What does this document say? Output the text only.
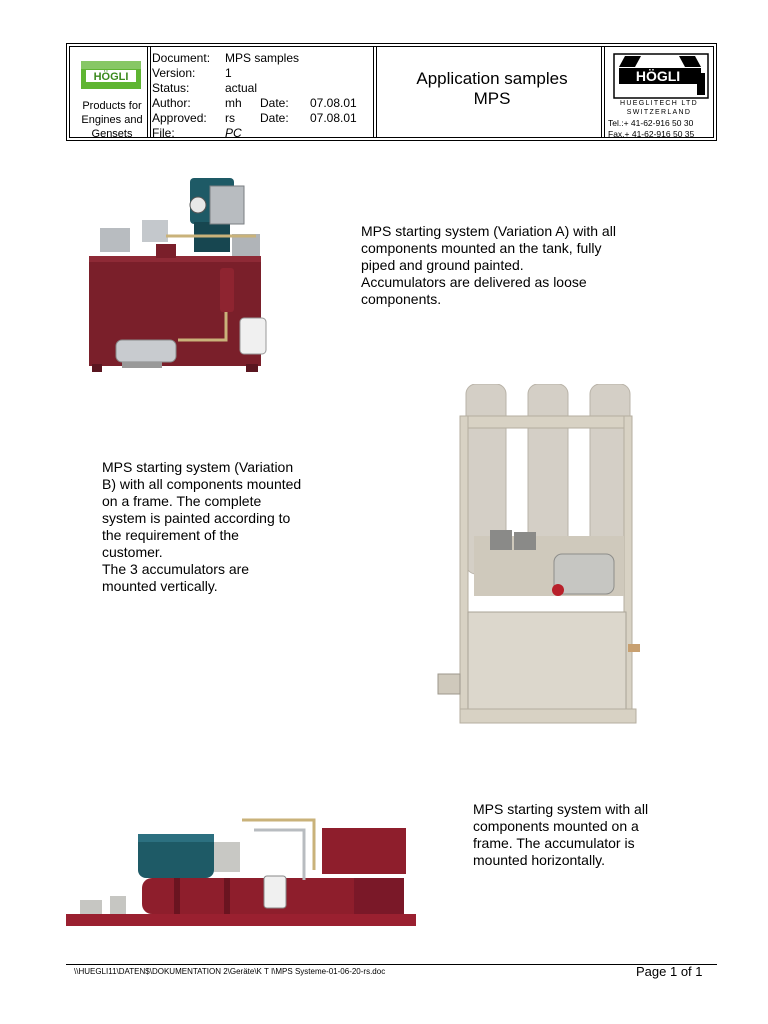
HÖGLI
Products for
Engines and
Gensets
Document: MPS samples
Version: 1
Status:	actual
Author:	mh Date: 07.08.01
Approved: rs Date: 07.08.01
File:	PC
Application samples
MPS
HÖGLI
HUEGLITECH LTD
SWITZERLAND
Tel.:+ 41-62-916 50 30
Fax.+ 41-62-916 50 35
MPS starting system (Variation A) with all
components mounted an the tank, fully
piped and ground painted.
Accumulators are delivered as loose
components.
MPS starting system (Variation
B) with all components mounted
on a frame. The complete
system is painted according to
the requirement of the
customer.
The 3 accumulators are
mounted vertically.
MPS starting system with all
components mounted on a
frame. The accumulator is
mounted horizontally.
\\HUEGLI11\DATEN$\DOKUMENTATION 2\Geräte\K T I\MPS Systeme-01-06-20-rs.doc	Page 1 of 1
